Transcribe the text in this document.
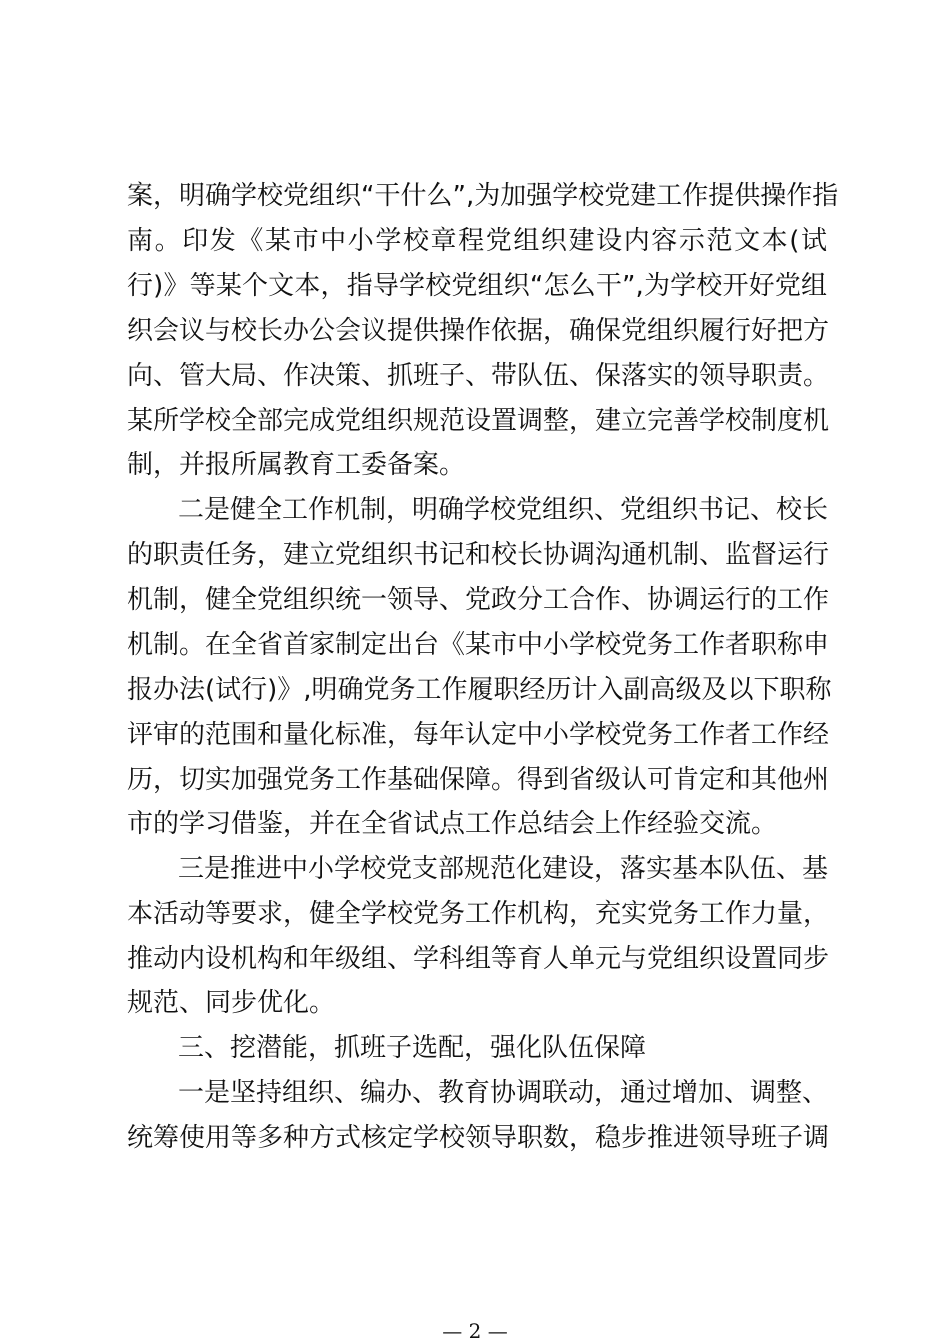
案，明确学校党组织“干什么”,为加强学校党建工作提供操作指
南。印发《某市中小学校章程党组织建设内容示范文本(试
行)》等某个文本，指导学校党组织“怎么干”,为学校开好党组
织会议与校长办公会议提供操作依据，确保党组织履行好把方
向、管大局、作决策、抓班子、带队伍、保落实的领导职责。
某所学校全部完成党组织规范设置调整，建立完善学校制度机
制，并报所属教育工委备案。
二是健全工作机制，明确学校党组织、党组织书记、校长
的职责任务，建立党组织书记和校长协调沟通机制、监督运行
机制，健全党组织统一领导、党政分工合作、协调运行的工作
机制。在全省首家制定出台《某市中小学校党务工作者职称申
报办法(试行)》,明确党务工作履职经历计入副高级及以下职称
评审的范围和量化标准，每年认定中小学校党务工作者工作经
历，切实加强党务工作基础保障。得到省级认可肯定和其他州
市的学习借鉴，并在全省试点工作总结会上作经验交流。
三是推进中小学校党支部规范化建设，落实基本队伍、基
本活动等要求，健全学校党务工作机构，充实党务工作力量，
推动内设机构和年级组、学科组等育人单元与党组织设置同步
规范、同步优化。
三、挖潜能，抓班子选配，强化队伍保障
一是坚持组织、编办、教育协调联动，通过增加、调整、
统筹使用等多种方式核定学校领导职数，稳步推进领导班子调
— 2 —
